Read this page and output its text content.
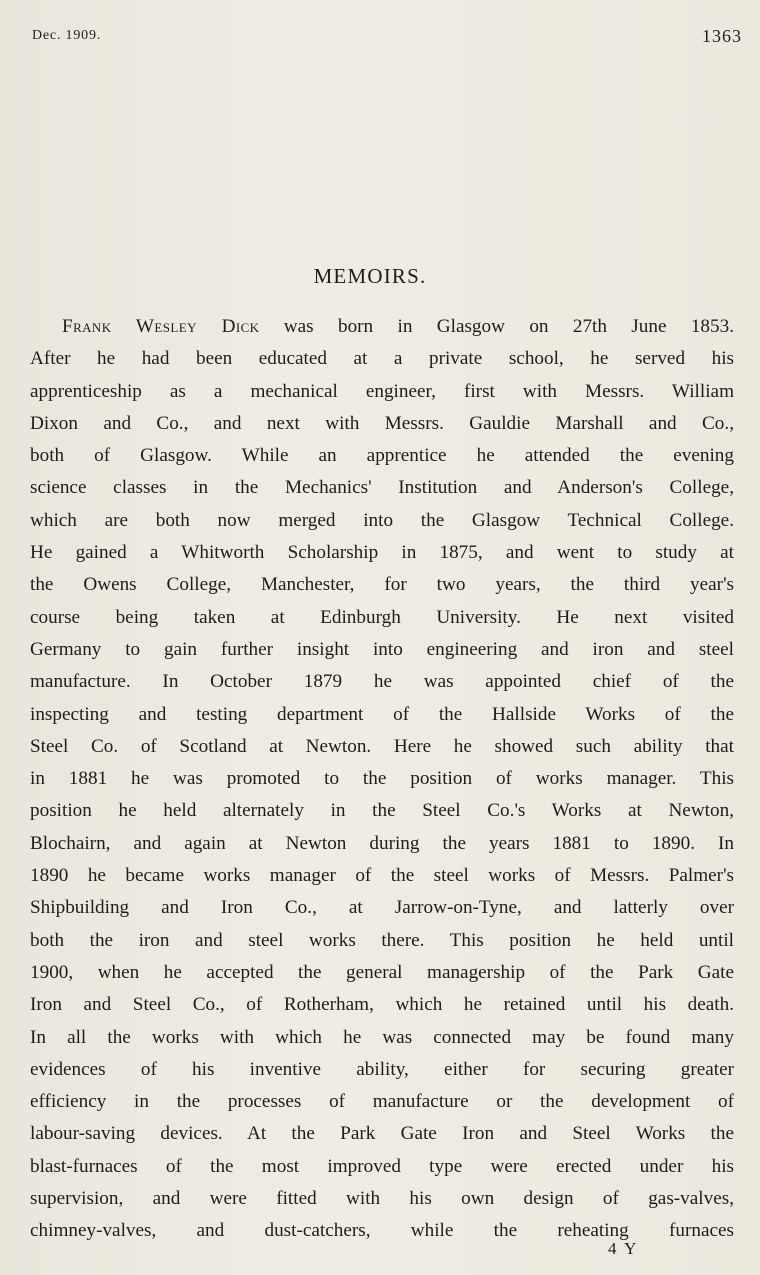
Dec. 1909.	1363
MEMOIRS.
Frank Wesley Dick was born in Glasgow on 27th June 1853.
After he had been educated at a private school, he served his
apprenticeship as a mechanical engineer, first with Messrs. William
Dixon and Co., and next with Messrs. Gauldie Marshall and Co.,
both of Glasgow. While an apprentice he attended the evening
science classes in the Mechanics' Institution and Anderson's College,
which are both now merged into the Glasgow Technical College.
He gained a Whitworth Scholarship in 1875, and went to study at
the Owens College, Manchester, for two years, the third year's
course being taken at Edinburgh University. He next visited
Germany to gain further insight into engineering and iron and steel
manufacture. In October 1879 he was appointed chief of the
inspecting and testing department of the Hallside Works of the
Steel Co. of Scotland at Newton. Here he showed such ability that
in 1881 he was promoted to the position of works manager. This
position he held alternately in the Steel Co.'s Works at Newton,
Blochairn, and again at Newton during the years 1881 to 1890. In
1890 he became works manager of the steel works of Messrs. Palmer's
Shipbuilding and Iron Co., at Jarrow-on-Tyne, and latterly over
both the iron and steel works there. This position he held until
1900, when he accepted the general managership of the Park Gate
Iron and Steel Co., of Rotherham, which he retained until his death.
In all the works with which he was connected may be found many
evidences of his inventive ability, either for securing greater
efficiency in the processes of manufacture or the development of
labour-saving devices. At the Park Gate Iron and Steel Works the
blast-furnaces of the most improved type were erected under his
supervision, and were fitted with his own design of gas-valves,
chimney-valves, and dust-catchers, while the reheating furnaces
4 Y
